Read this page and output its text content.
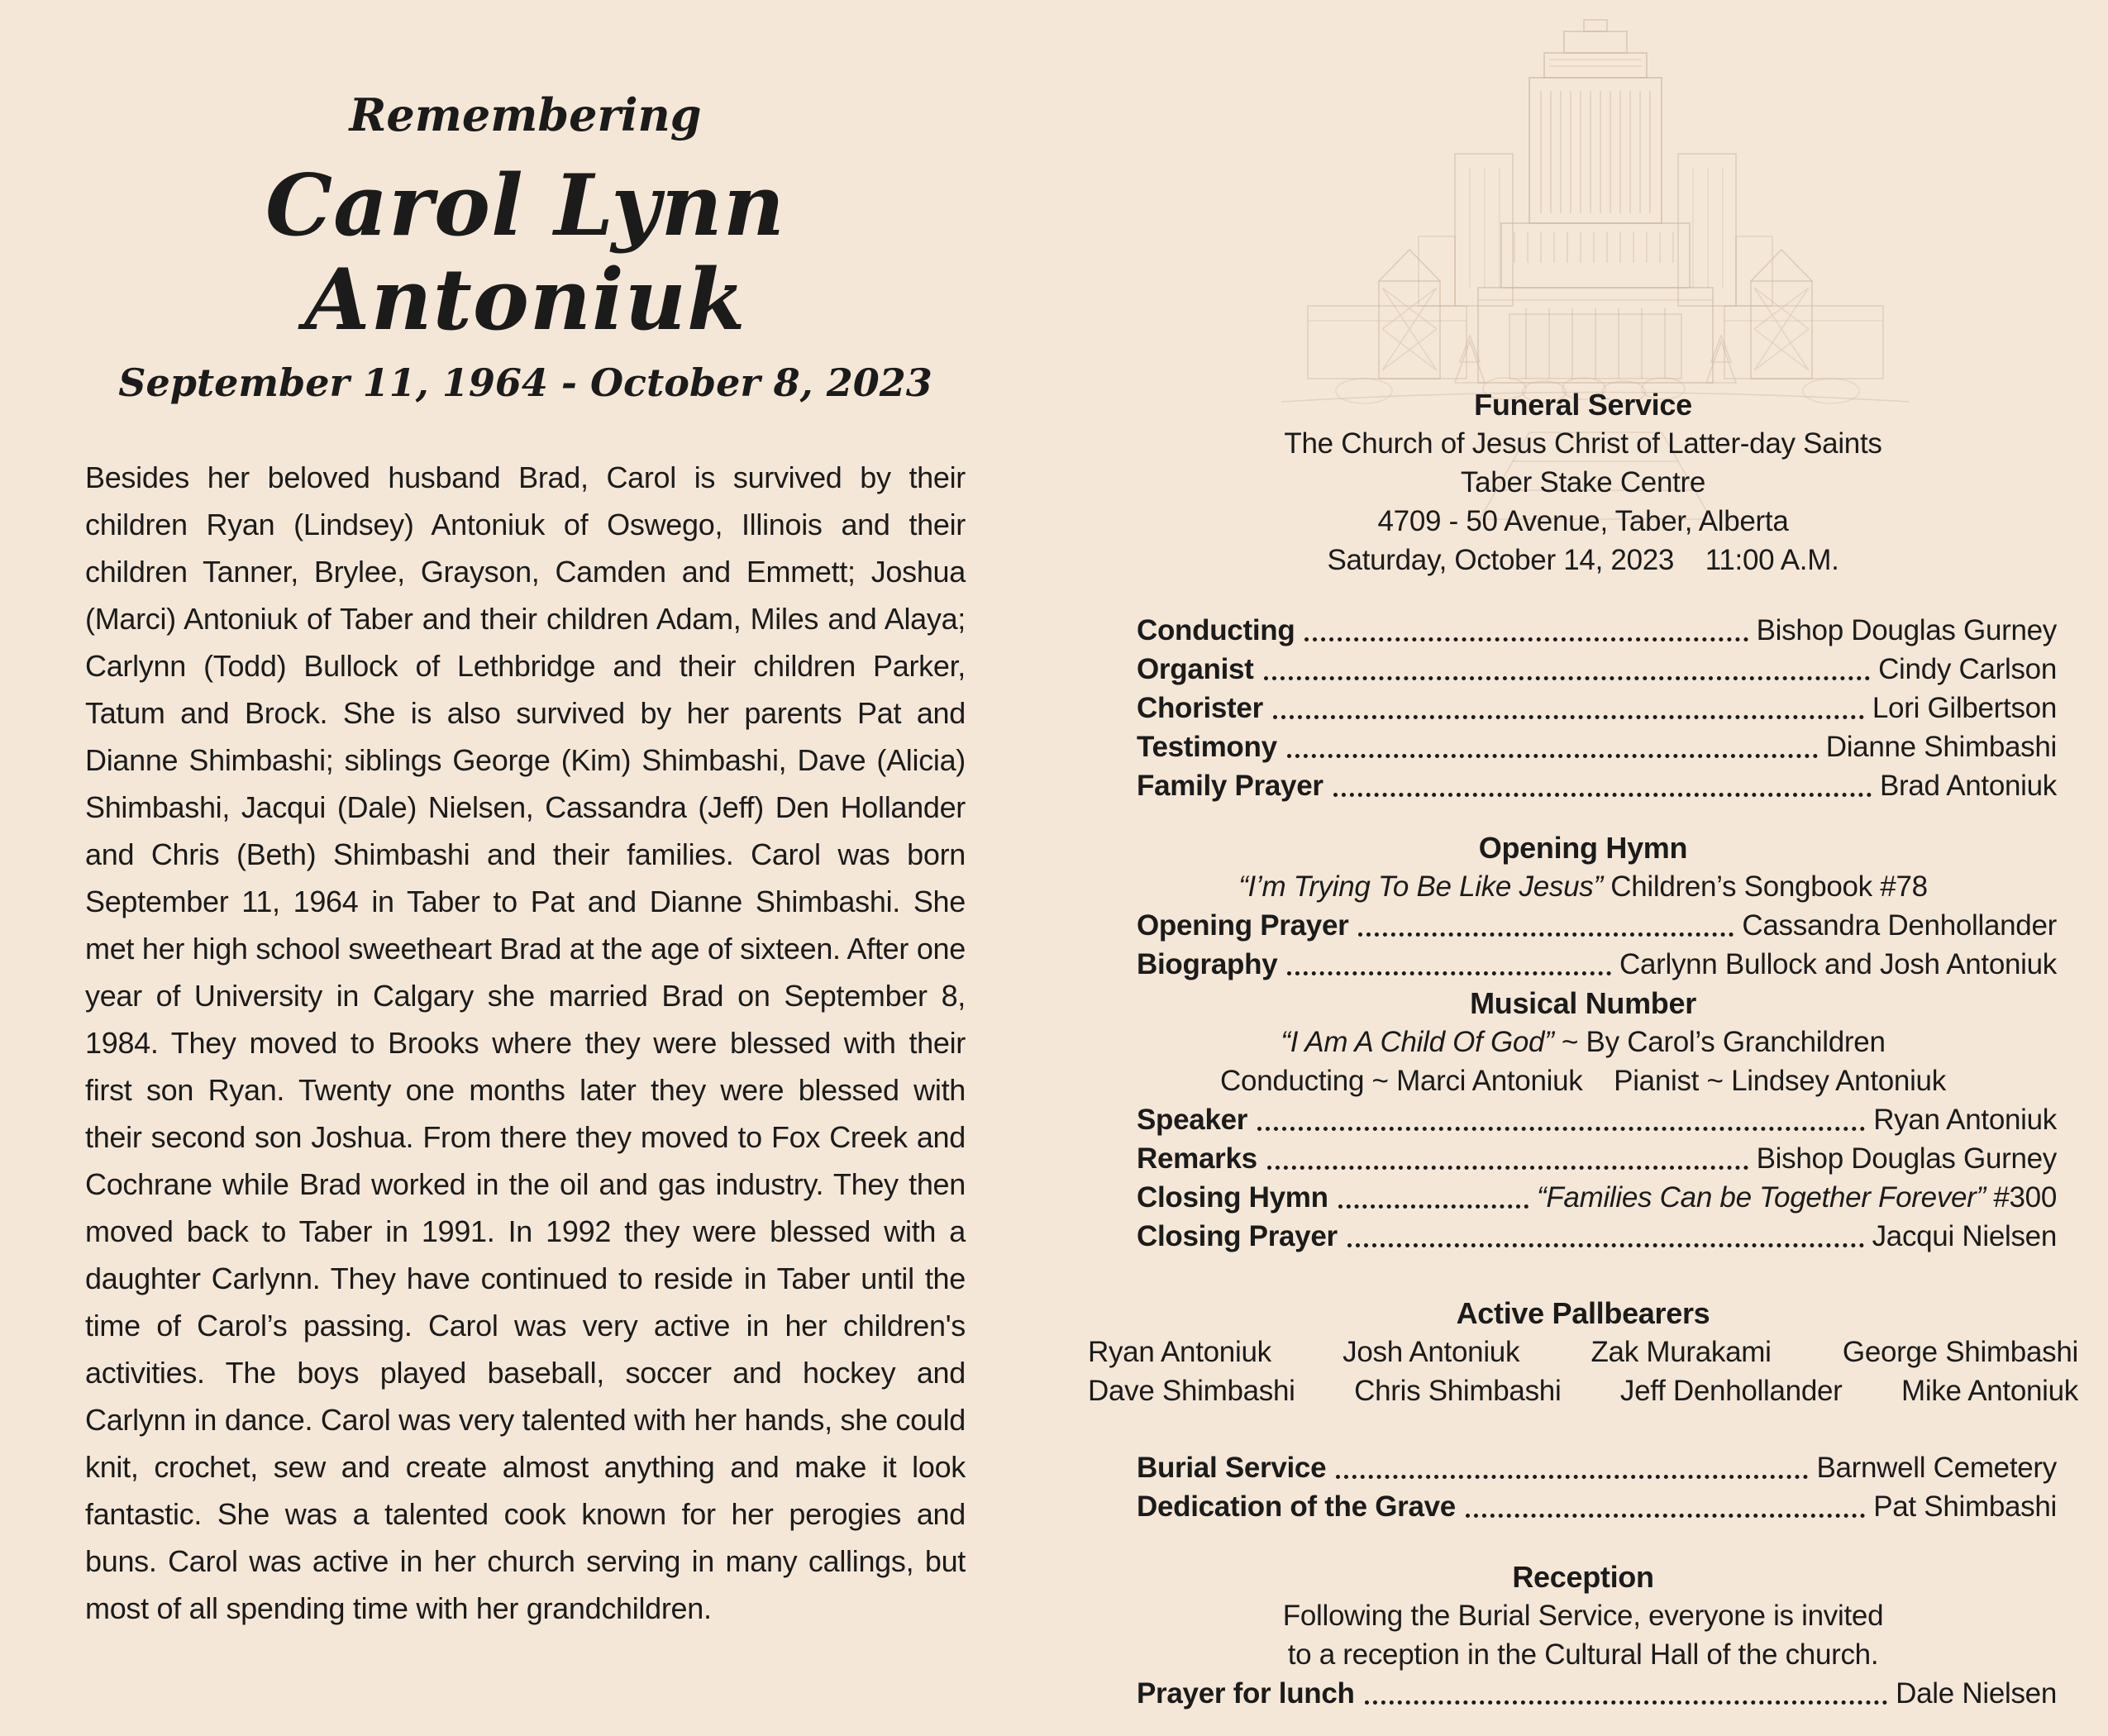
Remembering
Carol Lynn Antoniuk
September 11, 1964 - October 8, 2023
Besides her beloved husband Brad, Carol is survived by their children Ryan (Lindsey) Antoniuk of Oswego, Illinois and their children Tanner, Brylee, Grayson, Camden and Emmett; Joshua (Marci) Antoniuk of Taber and their children Adam, Miles and Alaya; Carlynn (Todd) Bullock of Lethbridge and their children Parker, Tatum and Brock. She is also survived by her parents Pat and Dianne Shimbashi; siblings George (Kim) Shimbashi, Dave (Alicia) Shimbashi, Jacqui (Dale) Nielsen, Cassandra (Jeff) Den Hollander and Chris (Beth) Shimbashi and their families. Carol was born September 11, 1964 in Taber to Pat and Dianne Shimbashi. She met her high school sweetheart Brad at the age of sixteen. After one year of University in Calgary she married Brad on September 8, 1984. They moved to Brooks where they were blessed with their first son Ryan. Twenty one months later they were blessed with their second son Joshua. From there they moved to Fox Creek and Cochrane while Brad worked in the oil and gas industry. They then moved back to Taber in 1991. In 1992 they were blessed with a daughter Carlynn. They have continued to reside in Taber until the time of Carol’s passing. Carol was very active in her children's activities. The boys played baseball, soccer and hockey and Carlynn in dance. Carol was very talented with her hands, she could knit, crochet, sew and create almost anything and make it look fantastic. She was a talented cook known for her perogies and buns. Carol was active in her church serving in many callings, but most of all spending time with her grandchildren.
Funeral Service
The Church of Jesus Christ of Latter-day Saints
Taber Stake Centre
4709 - 50 Avenue, Taber, Alberta
Saturday, October 14, 2023    11:00 A.M.
Conducting	Bishop Douglas Gurney
Organist	Cindy Carlson
Chorister	Lori Gilbertson
Testimony	Dianne Shimbashi
Family Prayer	Brad Antoniuk
Opening Hymn
“I’m Trying To Be Like Jesus” Children’s Songbook #78
Opening Prayer	Cassandra Denhollander
Biography	Carlynn Bullock and Josh Antoniuk
Musical Number
“I Am A Child Of God” ~ By Carol’s Granchildren
Conducting ~ Marci Antoniuk    Pianist ~ Lindsey Antoniuk
Speaker	Ryan Antoniuk
Remarks	Bishop Douglas Gurney
Closing Hymn	“Families Can be Together Forever” #300
Closing Prayer	Jacqui Nielsen
Active Pallbearers
Ryan Antoniuk Josh Antoniuk Zak Murakami George Shimbashi
Dave Shimbashi Chris Shimbashi Jeff Denhollander Mike Antoniuk
Burial Service	Barnwell Cemetery
Dedication of the Grave	Pat Shimbashi
Reception
Following the Burial Service, everyone is invited
to a reception in the Cultural Hall of the church.
Prayer for lunch	Dale Nielsen
